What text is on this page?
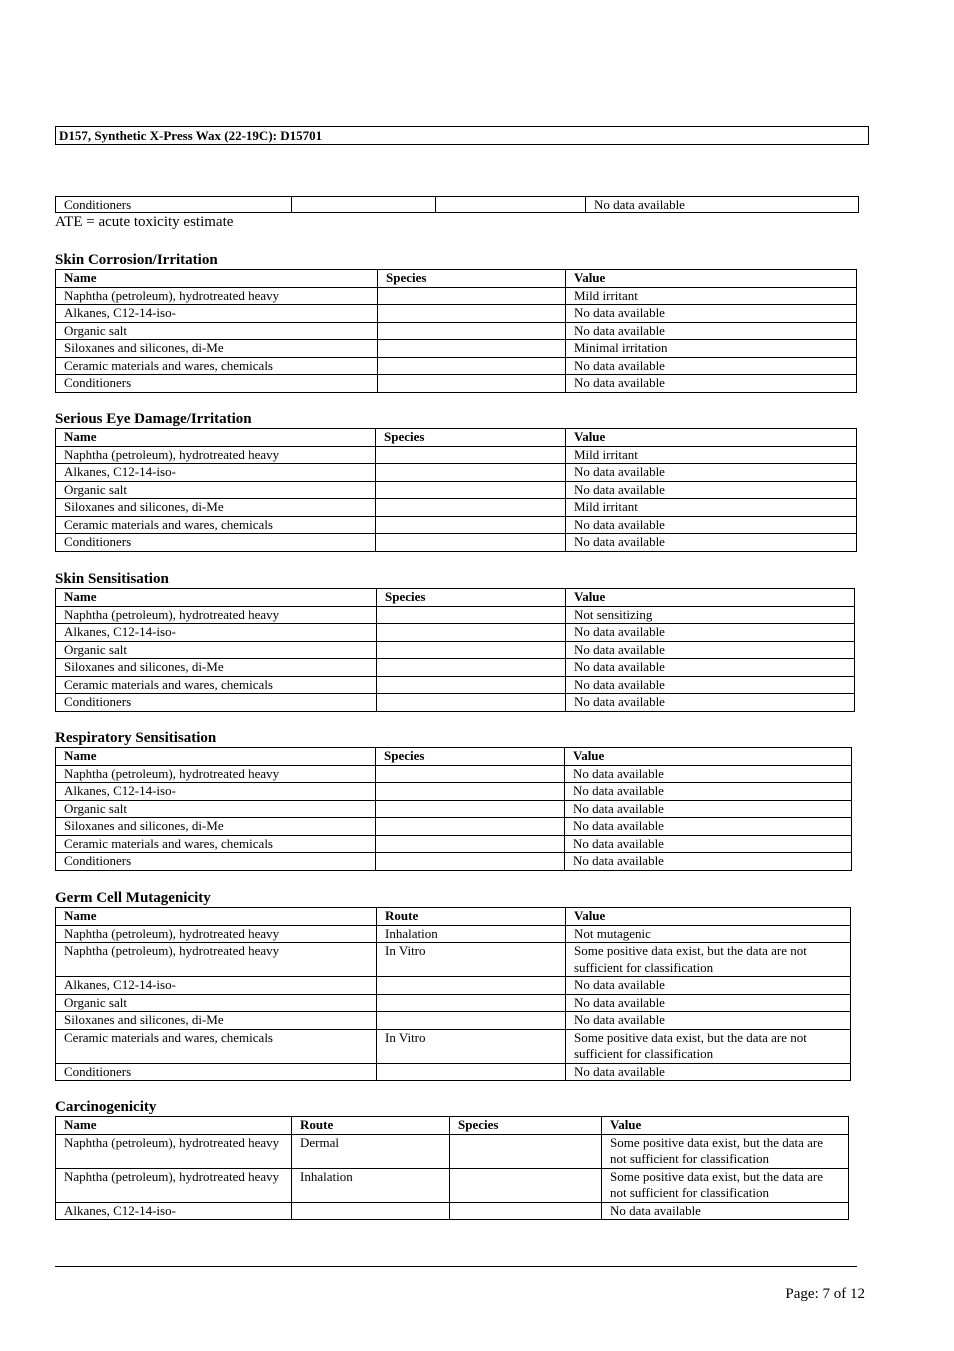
D157, Synthetic X-Press Wax (22-19C): D15701
Conditioners			No data available
ATE = acute toxicity estimate
Skin Corrosion/Irritation
Name	Species	Value
Naphtha (petroleum), hydrotreated heavy		Mild irritant
Alkanes, C12-14-iso-		No data available
Organic salt		No data available
Siloxanes and silicones, di-Me		Minimal irritation
Ceramic materials and wares, chemicals		No data available
Conditioners		No data available
Serious Eye Damage/Irritation
Name	Species	Value
Naphtha (petroleum), hydrotreated heavy		Mild irritant
Alkanes, C12-14-iso-		No data available
Organic salt		No data available
Siloxanes and silicones, di-Me		Mild irritant
Ceramic materials and wares, chemicals		No data available
Conditioners		No data available
Skin Sensitisation
Name	Species	Value
Naphtha (petroleum), hydrotreated heavy		Not sensitizing
Alkanes, C12-14-iso-		No data available
Organic salt		No data available
Siloxanes and silicones, di-Me		No data available
Ceramic materials and wares, chemicals		No data available
Conditioners		No data available
Respiratory Sensitisation
Name	Species	Value
Naphtha (petroleum), hydrotreated heavy		No data available
Alkanes, C12-14-iso-		No data available
Organic salt		No data available
Siloxanes and silicones, di-Me		No data available
Ceramic materials and wares, chemicals		No data available
Conditioners		No data available
Germ Cell Mutagenicity
Name	Route	Value
Naphtha (petroleum), hydrotreated heavy	Inhalation	Not mutagenic
Naphtha (petroleum), hydrotreated heavy	In Vitro	Some positive data exist, but the data are not sufficient for classification
Alkanes, C12-14-iso-		No data available
Organic salt		No data available
Siloxanes and silicones, di-Me		No data available
Ceramic materials and wares, chemicals	In Vitro	Some positive data exist, but the data are not sufficient for classification
Conditioners		No data available
Carcinogenicity
Name	Route	Species	Value
Naphtha (petroleum), hydrotreated heavy	Dermal		Some positive data exist, but the data are not sufficient for classification
Naphtha (petroleum), hydrotreated heavy	Inhalation		Some positive data exist, but the data are not sufficient for classification
Alkanes, C12-14-iso-			No data available
Page: 7 of 12
